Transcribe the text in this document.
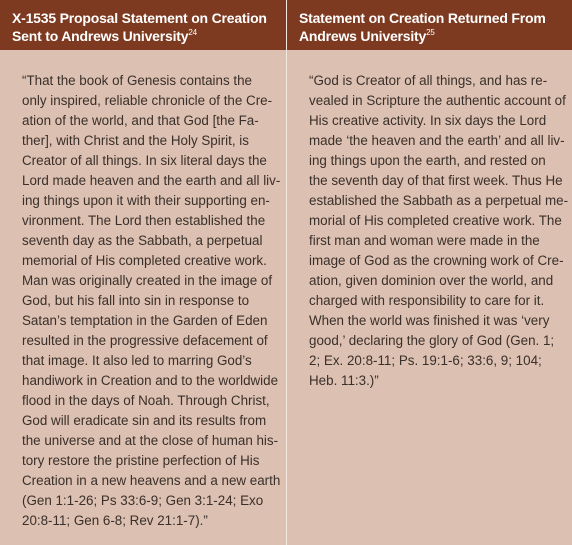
X-1535 Proposal Statement on Creation
Sent to Andrews University$^{24}$

“That the book of Genesis contains the
only inspired, reliable chronicle of the Cre-
ation of the world, and that God [the Fa-
ther], with Christ and the Holy Spirit, is
Creator of all things. In six literal days the
Lord made heaven and the earth and all liv-
ing things upon it with their supporting en-
vironment. The Lord then established the
seventh day as the Sabbath, a perpetual
memorial of His completed creative work.
Man was originally created in the image of
God, but his fall into sin in response to
Satan’s temptation in the Garden of Eden
resulted in the progressive defacement of
that image. It also led to marring God’s
handiwork in Creation and to the worldwide
flood in the days of Noah. Through Christ,
God will eradicate sin and its results from
the universe and at the close of human his-
tory restore the pristine perfection of His
Creation in a new heavens and a new earth
(Gen 1:1-26; Ps 33:6-9; Gen 3:1-24; Exo
20:8-11; Gen 6-8; Rev 21:1-7).”

Statement on Creation Returned From
Andrews University$^{25}$

“God is Creator of all things, and has re-
vealed in Scripture the authentic account of
His creative activity. In six days the Lord
made ‘the heaven and the earth’ and all liv-
ing things upon the earth, and rested on
the seventh day of that first week. Thus He
established the Sabbath as a perpetual me-
morial of His completed creative work. The
first man and woman were made in the
image of God as the crowning work of Cre-
ation, given dominion over the world, and
charged with responsibility to care for it.
When the world was finished it was ‘very
good,’ declaring the glory of God (Gen. 1;
2; Ex. 20:8-11; Ps. 19:1-6; 33:6, 9; 104;
Heb. 11:3.)”
